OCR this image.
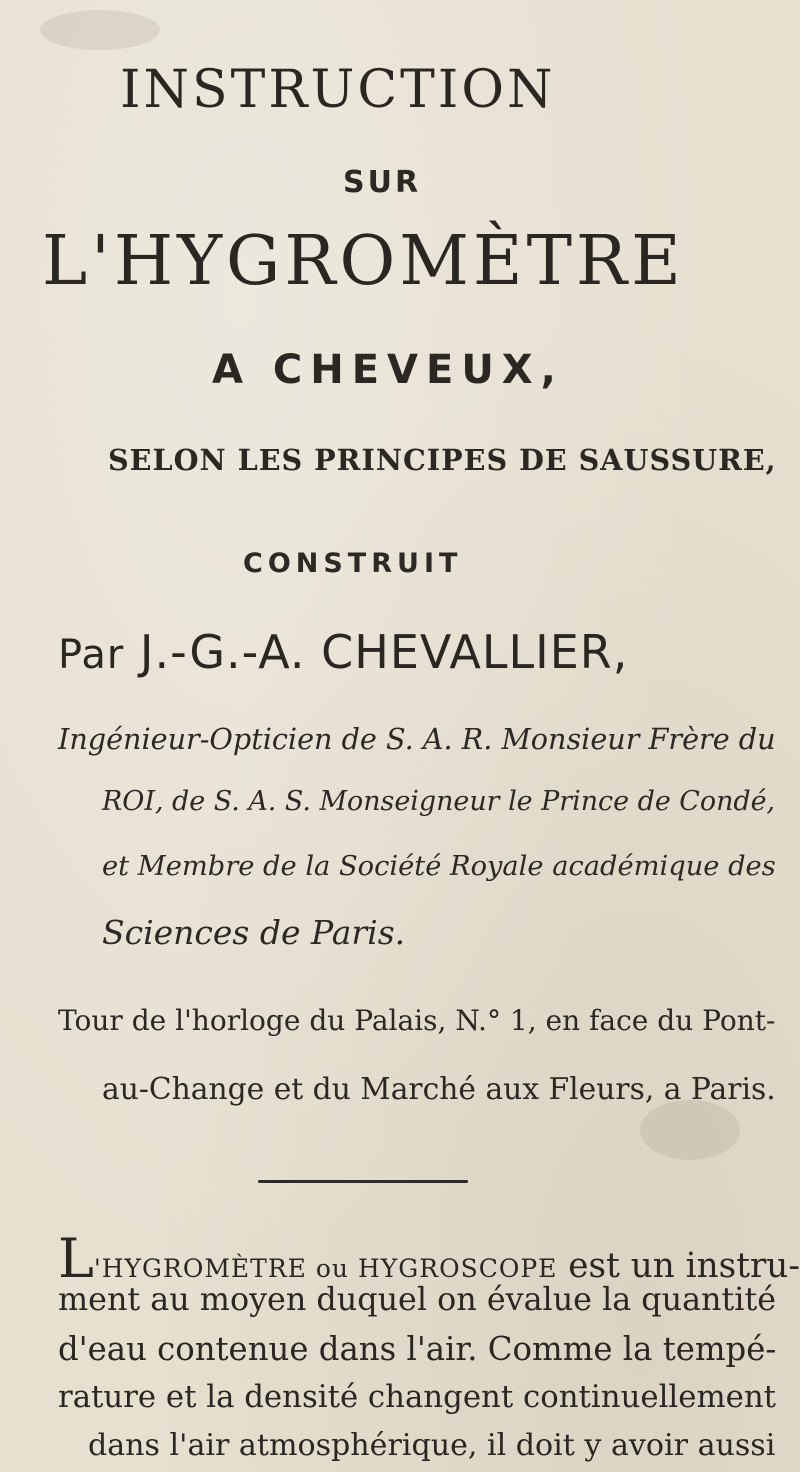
INSTRUCTION
SUR
L'HYGROMÈTRE
A CHEVEUX,
SELON LES PRINCIPES DE SAUSSURE,
CONSTRUIT
Par J.-G.-A. CHEVALLIER,
Ingénieur-Opticien de S. A. R. Monsieur Frère du
ROI, de S. A. S. Monseigneur le Prince de Condé,
et Membre de la Société Royale académique des
Sciences de Paris.
Tour de l'horloge du Palais, N.° 1, en face du Pont-
au-Change et du Marché aux Fleurs, a Paris.
L'HYGROMÈTRE ou HYGROSCOPE est un instru-
ment au moyen duquel on évalue la quantité
d'eau contenue dans l'air. Comme la tempé-
rature et la densité changent continuellement
dans l'air atmosphérique, il doit y avoir aussi
